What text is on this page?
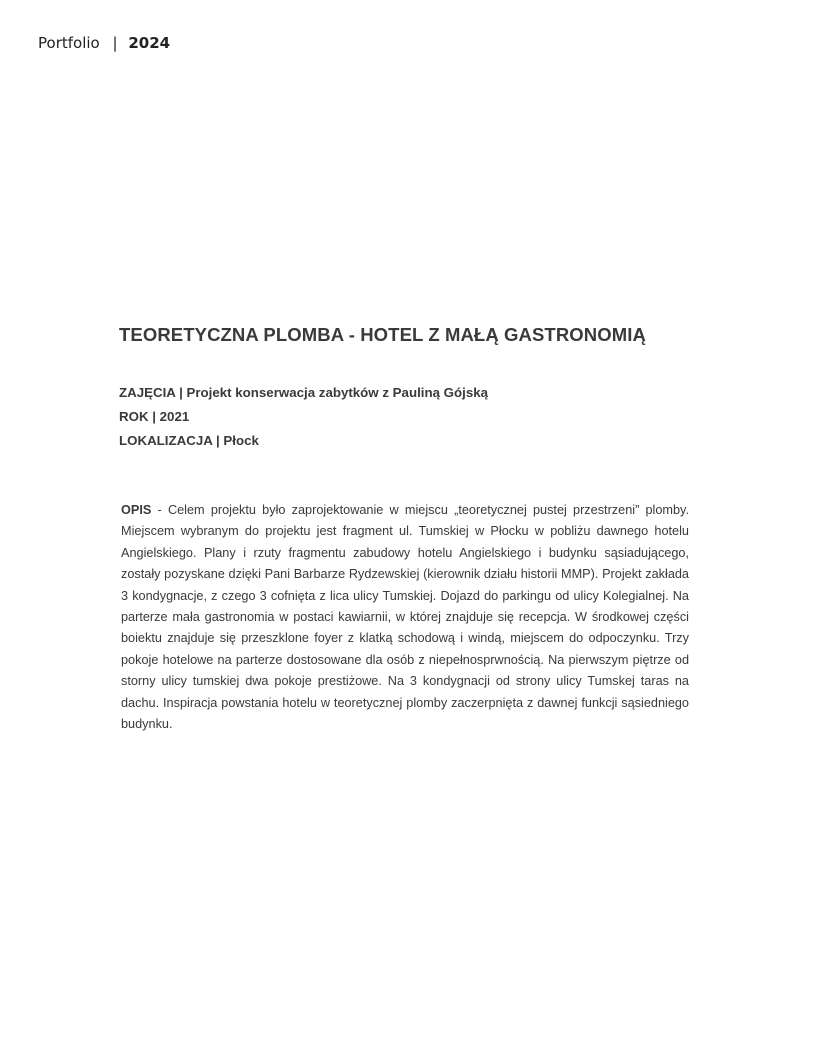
Portfolio | 2024
TEORETYCZNA PLOMBA - HOTEL Z MAŁĄ GASTRONOMIĄ
ZAJĘCIA | Projekt konserwacja zabytków z Pauliną Gójską
ROK | 2021
LOKALIZACJA | Płock
OPIS - Celem projektu było zaprojektowanie w miejscu „teoretycznej pustej przestrzeni” plomby. Miejscem wybranym do projektu jest fragment ul. Tumskiej w Płocku w pobliżu dawnego hotelu Angielskiego. Plany i rzuty fragmentu zabudowy hotelu Angielskiego i budynku sąsiadującego, zostały pozyskane dzięki Pani Barbarze Rydzewskiej (kierownik działu historii MMP). Projekt zakłada 3 kondygnacje, z czego 3 cofnięta z lica ulicy Tumskiej. Dojazd do parkingu od ulicy Kolegialnej. Na parterze mała gastronomia w postaci kawiarnii, w której znajduje się recepcja. W środkowej części boiektu znajduje się przeszklone foyer z klatką schodową i windą, miejscem do odpoczynku. Trzy pokoje hotelowe na parterze dostosowane dla osób z niepełnosprwnością. Na pierwszym piętrze od storny ulicy tumskiej dwa pokoje prestiżowe. Na 3 kondygnacji od strony ulicy Tumskej taras na dachu. Inspiracja powstania hotelu w teoretycznej plomby zaczerpnięta z dawnej funkcji sąsiedniego budynku.
